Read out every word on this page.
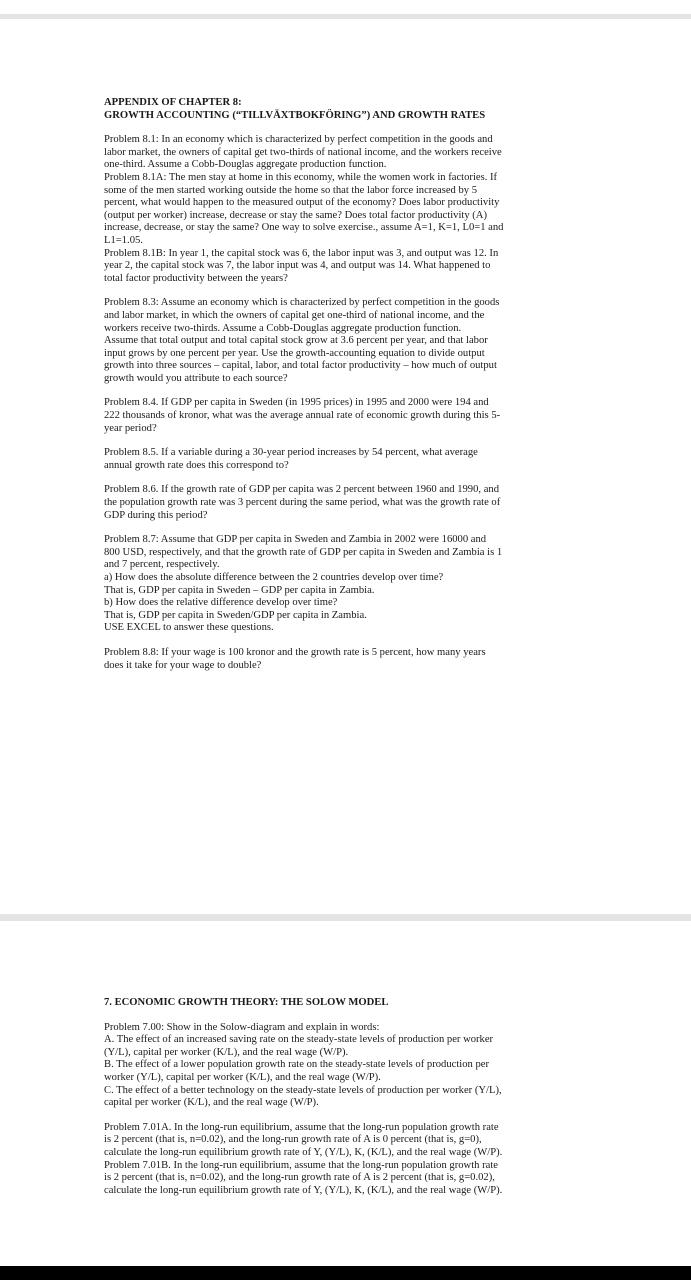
APPENDIX OF CHAPTER 8:

GROWTH ACCOUNTING (“TILLVÄXTBOKFÖRING”) AND GROWTH RATES

Problem 8.1: In an economy which is characterized by perfect competition in the goods and

labor market, the owners of capital get two-thirds of national income, and the workers receive

one-third. Assume a Cobb-Douglas aggregate production function.

Problem 8.1A: The men stay at home in this economy, while the women work in factories. If

some of the men started working outside the home so that the labor force increased by 5

percent, what would happen to the measured output of the economy? Does labor productivity

(output per worker) increase, decrease or stay the same? Does total factor productivity (A)

increase, decrease, or stay the same? One way to solve exercise., assume A=1, K=1, L0=1 and

L1=1.05.

Problem 8.1B: In year 1, the capital stock was 6, the labor input was 3, and output was 12. In

year 2, the capital stock was 7, the labor input was 4, and output was 14. What happened to

total factor productivity between the years?

Problem 8.3: Assume an economy which is characterized by perfect competition in the goods

and labor market, in which the owners of capital get one-third of national income, and the

workers receive two-thirds. Assume a Cobb-Douglas aggregate production function.

Assume that total output and total capital stock grow at 3.6 percent per year, and that labor

input grows by one percent per year. Use the growth-accounting equation to divide output

growth into three sources – capital, labor, and total factor productivity – how much of output

growth would you attribute to each source?

Problem 8.4. If GDP per capita in Sweden (in 1995 prices) in 1995 and 2000 were 194 and

222 thousands of kronor, what was the average annual rate of economic growth during this 5-

year period?

Problem 8.5. If a variable during a 30-year period increases by 54 percent, what average

annual growth rate does this correspond to?

Problem 8.6. If the growth rate of GDP per capita was 2 percent between 1960 and 1990, and

the population growth rate was 3 percent during the same period, what was the growth rate of

GDP during this period?

Problem 8.7: Assume that GDP per capita in Sweden and Zambia in 2002 were 16000 and

800 USD, respectively, and that the growth rate of GDP per capita in Sweden and Zambia is 1

and 7 percent, respectively.

a) How does the absolute difference between the 2 countries develop over time?

That is, GDP per capita in Sweden – GDP per capita in Zambia.

b) How does the relative difference develop over time?

That is, GDP per capita in Sweden/GDP per capita in Zambia.

USE EXCEL to answer these questions.

Problem 8.8: If your wage is 100 kronor and the growth rate is 5 percent, how many years

does it take for your wage to double?

7. ECONOMIC GROWTH THEORY: THE SOLOW MODEL

Problem 7.00: Show in the Solow-diagram and explain in words:

A. The effect of an increased saving rate on the steady-state levels of production per worker

(Y/L), capital per worker (K/L), and the real wage (W/P).

B. The effect of a lower population growth rate on the steady-state levels of production per

worker (Y/L), capital per worker (K/L), and the real wage (W/P).

C. The effect of a better technology on the steady-state levels of production per worker (Y/L),

capital per worker (K/L), and the real wage (W/P).

Problem 7.01A. In the long-run equilibrium, assume that the long-run population growth rate

is 2 percent (that is, n=0.02), and the long-run growth rate of A is 0 percent (that is, g=0),

calculate the long-run equilibrium growth rate of Y, (Y/L), K, (K/L), and the real wage (W/P).

Problem 7.01B. In the long-run equilibrium, assume that the long-run population growth rate

is 2 percent (that is, n=0.02), and the long-run growth rate of A is 2 percent (that is, g=0.02),

calculate the long-run equilibrium growth rate of Y, (Y/L), K, (K/L), and the real wage (W/P).
